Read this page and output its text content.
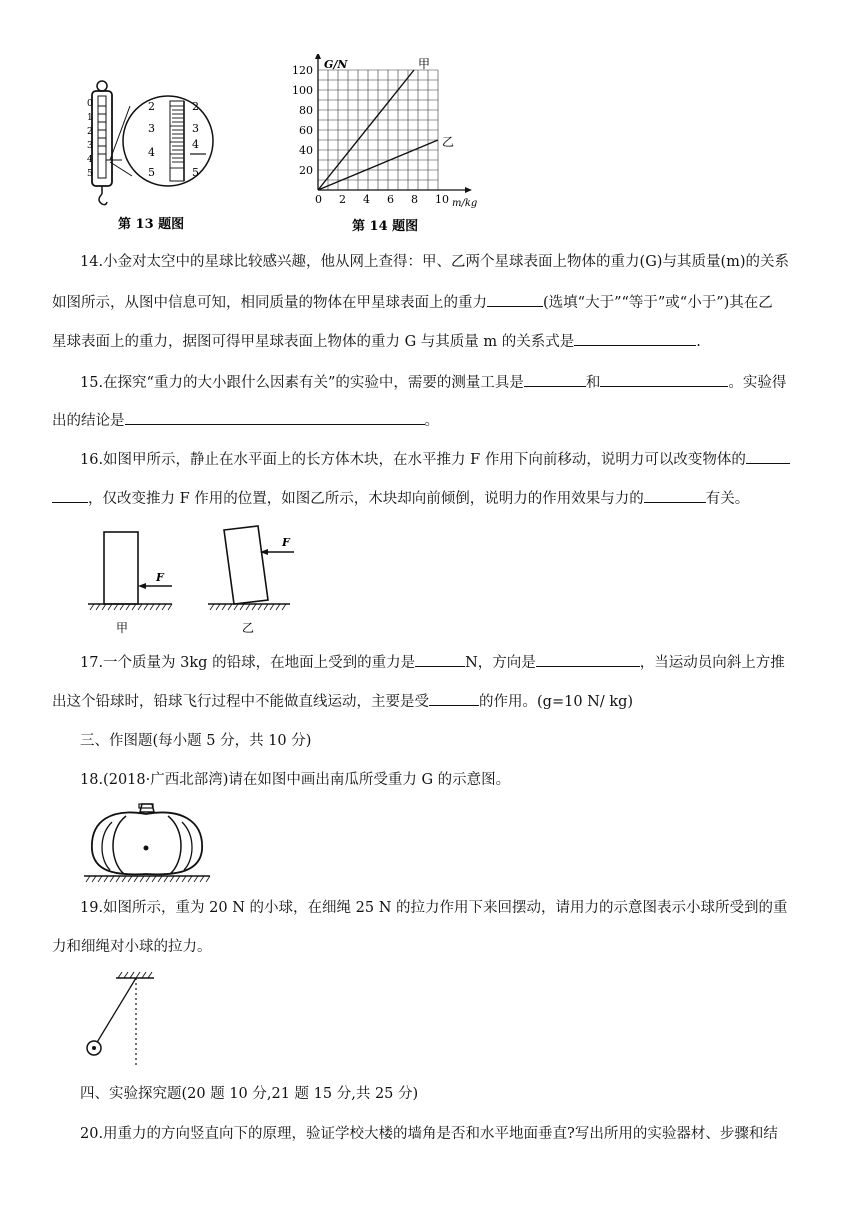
0
1
2
3
4
5
2
3
4
5
2
3
4
5
第 13 题图
0 2 4 6 8 10
20
40
60
80
100
120	甲
乙
G/N
m/kg
第 14 题图
14.小金对太空中的星球比较感兴趣，他从网上查得：甲、乙两个星球表面上物体的重力(G)与其质量(m)的关系
如图所示，从图中信息可知，相同质量的物体在甲星球表面上的重力	(选填“大于”“等于”或“小于”)其在乙
星球表面上的重力，据图可得甲星球表面上物体的重力 G 与其质量 m 的关系式是	.
15.在探究“重力的大小跟什么因素有关”的实验中，需要的测量工具是	和	。实验得
出的结论是	。
16.如图甲所示，静止在水平面上的长方体木块，在水平推力 F 作用下向前移动，说明力可以改变物体的
，仅改变推力 F 作用的位置，如图乙所示，木块却向前倾倒，说明力的作用效果与力的	有关。
F
甲
F
乙
17.一个质量为 3kg 的铅球，在地面上受到的重力是	N，方向是	，当运动员向斜上方推
出这个铅球时，铅球飞行过程中不能做直线运动，主要是受	的作用。(g=10 N/ kg)
三、作图题(每小题 5 分，共 10 分)
18.(2018·广西北部湾)请在如图中画出南瓜所受重力 G 的示意图。
19.如图所示，重为 20 N 的小球，在细绳 25 N 的拉力作用下来回摆动，请用力的示意图表示小球所受到的重
力和细绳对小球的拉力。
四、实验探究题(20 题 10 分,21 题 15 分,共 25 分)
20.用重力的方向竖直向下的原理，验证学校大楼的墙角是否和水平地面垂直?写出所用的实验器材、步骤和结
